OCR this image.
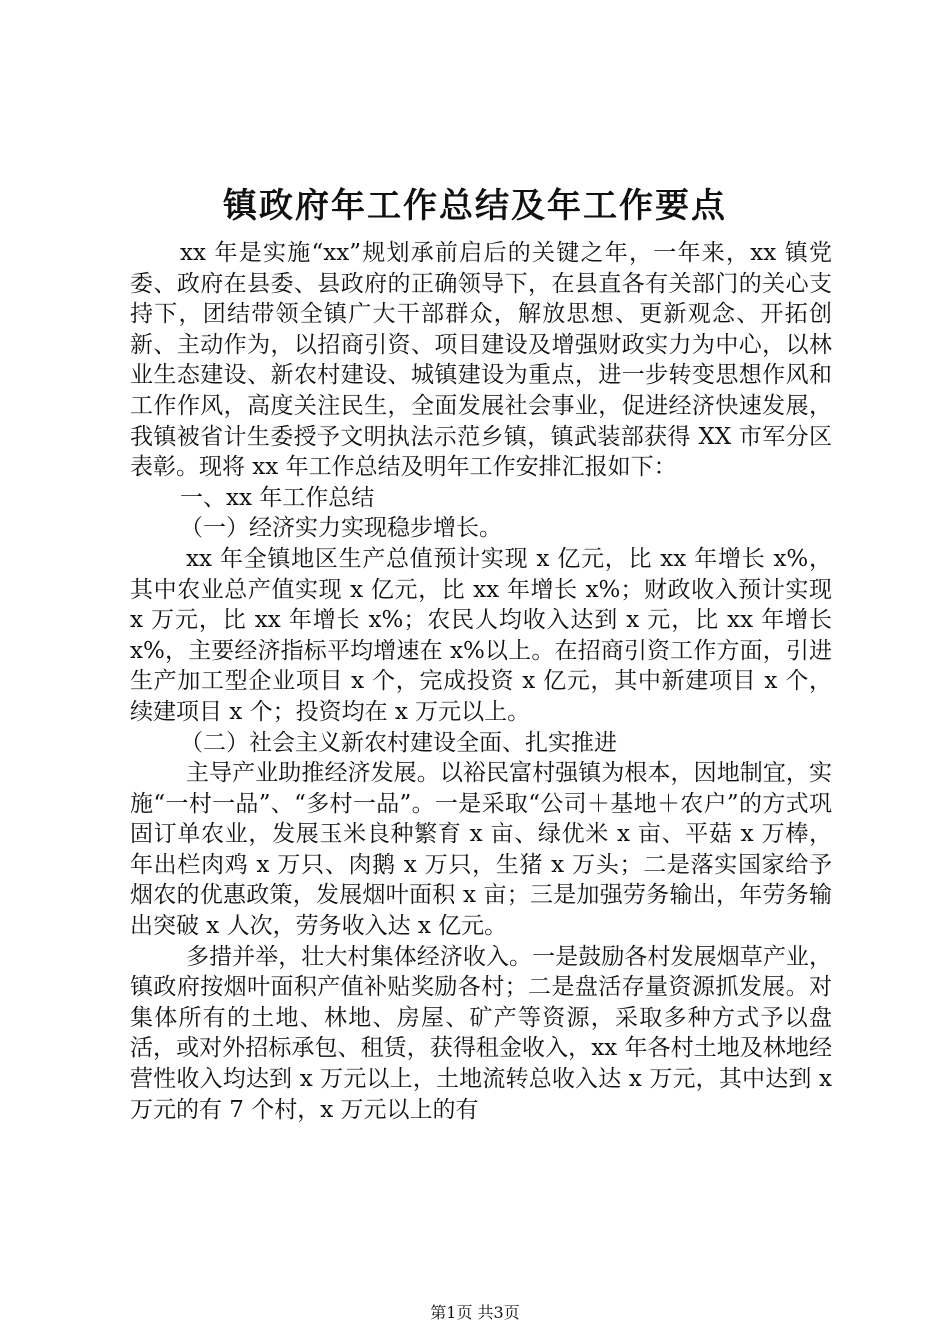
镇政府年工作总结及年工作要点

xx 年是实施“xx”规划承前启后的关键之年，一年来，xx 镇党委、政府在县委、县政府的正确领导下，在县直各有关部门的关心支持下，团结带领全镇广大干部群众，解放思想、更新观念、开拓创新、主动作为，以招商引资、项目建设及增强财政实力为中心，以林业生态建设、新农村建设、城镇建设为重点，进一步转变思想作风和工作作风，高度关注民生，全面发展社会事业，促进经济快速发展，我镇被省计生委授予文明执法示范乡镇，镇武装部获得 XX 市军分区表彰。现将 xx 年工作总结及明年工作安排汇报如下：

一、xx 年工作总结

（一）经济实力实现稳步增长。

xx 年全镇地区生产总值预计实现 x 亿元，比 xx 年增长 x%，其中农业总产值实现 x 亿元，比 xx 年增长 x%；财政收入预计实现 x 万元，比 xx 年增长 x%；农民人均收入达到 x 元，比 xx 年增长 x%，主要经济指标平均增速在 x%以上。在招商引资工作方面，引进生产加工型企业项目 x 个，完成投资 x 亿元，其中新建项目 x 个，续建项目 x 个；投资均在 x 万元以上。

（二）社会主义新农村建设全面、扎实推进

主导产业助推经济发展。以裕民富村强镇为根本，因地制宜，实施“一村一品”、“多村一品”。一是采取“公司＋基地＋农户”的方式巩固订单农业，发展玉米良种繁育 x 亩、绿优米 x 亩、平菇 x 万棒，年出栏肉鸡 x 万只、肉鹅 x 万只，生猪 x 万头；二是落实国家给予烟农的优惠政策，发展烟叶面积 x 亩；三是加强劳务输出，年劳务输出突破 x 人次，劳务收入达 x 亿元。

多措并举，壮大村集体经济收入。一是鼓励各村发展烟草产业，镇政府按烟叶面积产值补贴奖励各村；二是盘活存量资源抓发展。对集体所有的土地、林地、房屋、矿产等资源，采取多种方式予以盘活，或对外招标承包、租赁，获得租金收入，xx 年各村土地及林地经营性收入均达到 x 万元以上，土地流转总收入达 x 万元，其中达到 x 万元的有 7 个村，x 万元以上的有

第1页 共3页
